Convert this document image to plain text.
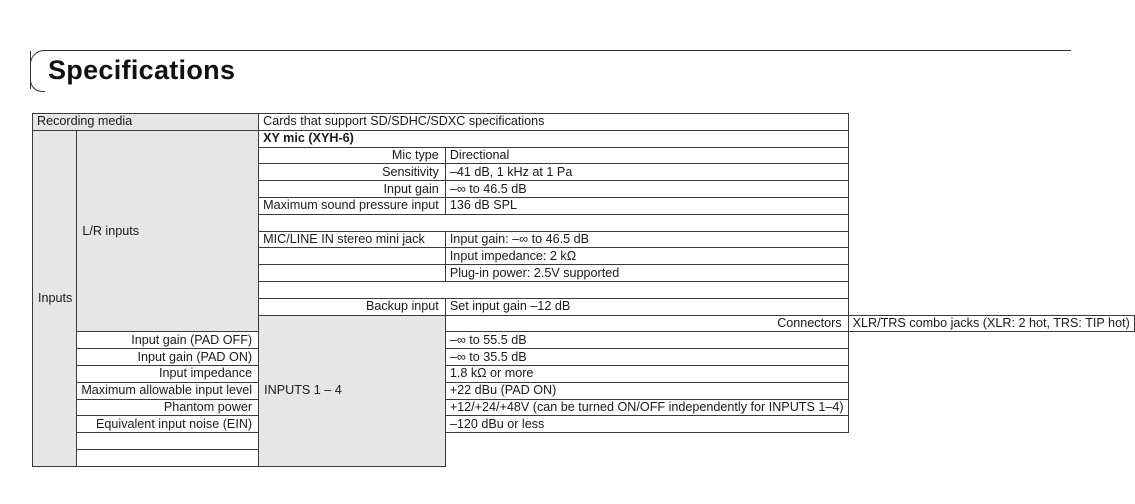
Specifications
Recording media		Cards that support SD/SDHC/SDXC specifications		
Inputs	L/R inputs	XY mic (XYH-6)		
		Mic type	Directional	
		Sensitivity	–41 dB, 1 kHz at 1 Pa	
		Input gain	–∞ to 46.5 dB	
		Maximum sound pressure input	136 dB SPL	

		MIC/LINE IN stereo mini jack	Input gain: –∞ to 46.5 dB	
			Input impedance: 2 kΩ	
			Plug-in power: 2.5V supported	

		Backup input	Set input gain –12 dB	
		INPUTS 1 – 4	Connectors	XLR/TRS combo jacks (XLR: 2 hot, TRS: TIP hot)
	Input gain (PAD OFF)		–∞ to 55.5 dB	
	Input gain (PAD ON)		–∞ to 35.5 dB	
	Input impedance		1.8 kΩ or more	
	Maximum allowable input level		+22 dBu (PAD ON)	
	Phantom power		+12/+24/+48V (can be turned ON/OFF independently for INPUTS 1–4)	
	Equivalent input noise (EIN)		–120 dBu or less	
